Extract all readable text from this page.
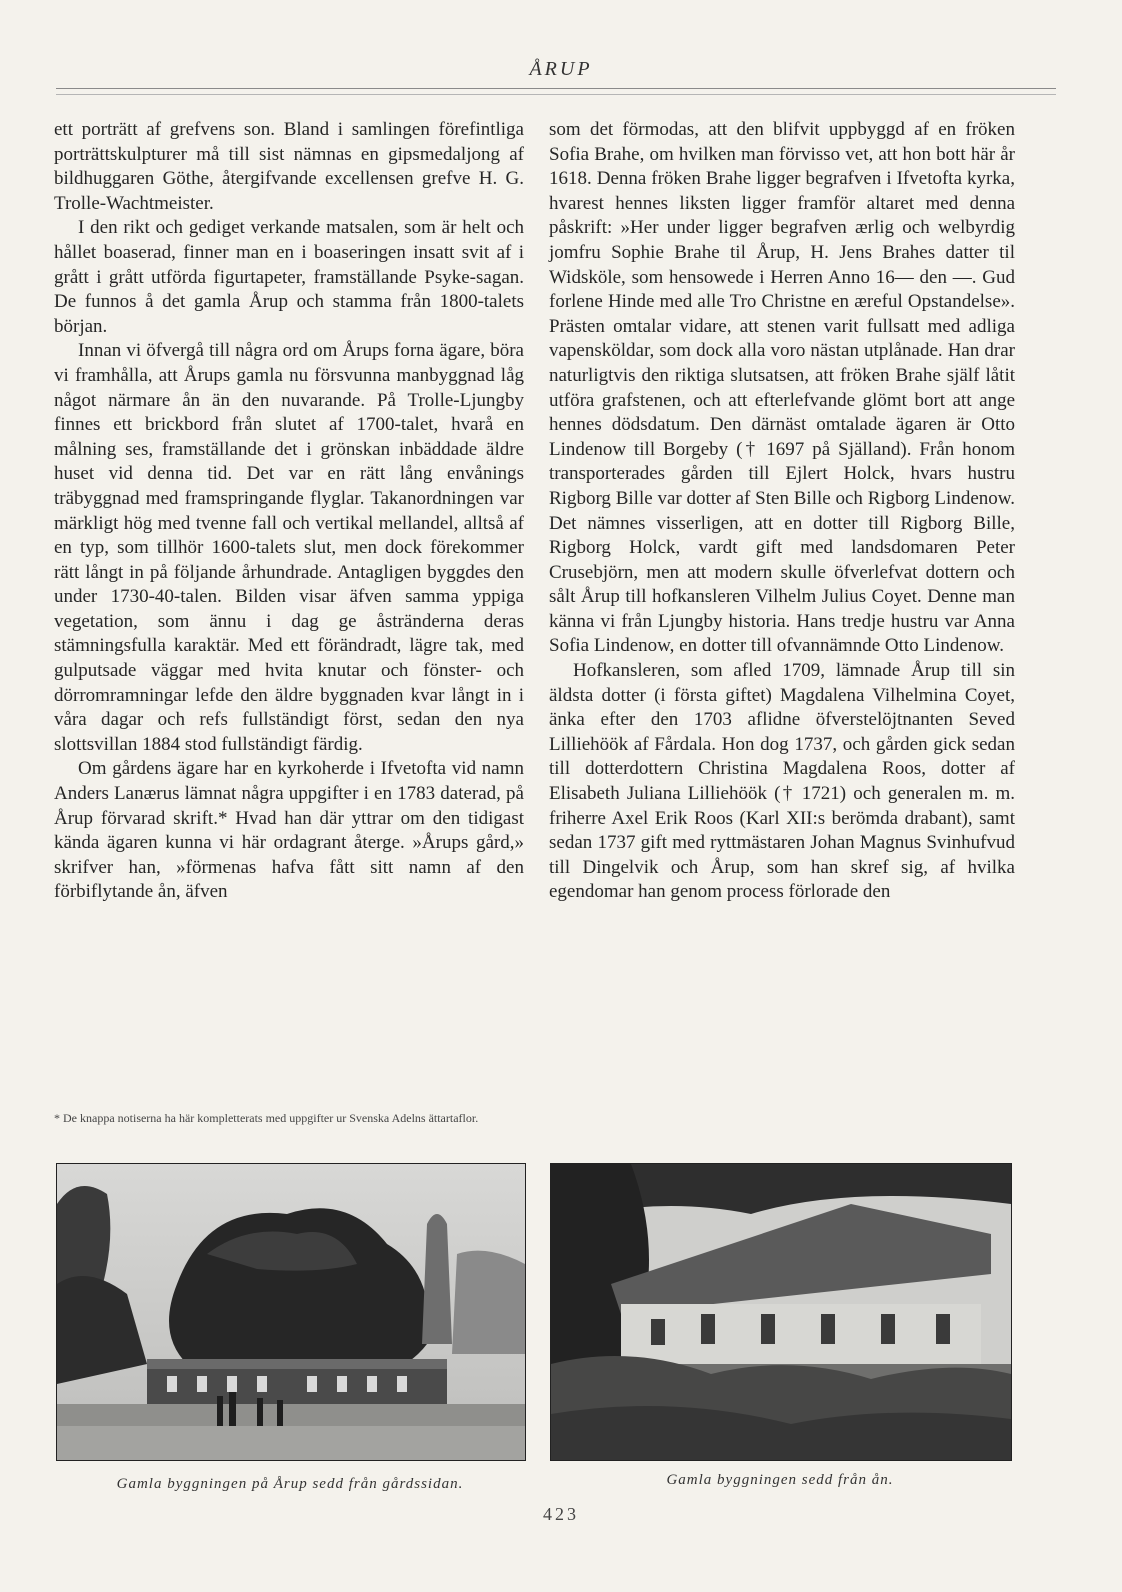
ÅRUP

ett porträtt af grefvens son. Bland i samlingen förefintliga porträttskulpturer må till sist nämnas en gipsmedaljong af bildhuggaren Göthe, återgifvande excellensen grefve H. G. Trolle-Wachtmeister.

I den rikt och gediget verkande matsalen, som är helt och hållet boaserad, finner man en i boaseringen insatt svit af i grått i grått utförda figurtapeter, framställande Psyke-sagan. De funnos å det gamla Årup och stamma från 1800-talets början.

Innan vi öfvergå till några ord om Årups forna ägare, böra vi framhålla, att Årups gamla nu försvunna manbyggnad låg något närmare ån än den nuvarande. På Trolle-Ljungby finnes ett brickbord från slutet af 1700-talet, hvarå en målning ses, framställande det i grönskan inbäddade äldre huset vid denna tid. Det var en rätt lång envånings träbyggnad med framspringande flyglar. Takanordningen var märkligt hög med tvenne fall och vertikal mellandel, alltså af en typ, som tillhör 1600-talets slut, men dock förekommer rätt långt in på följande århundrade. Antagligen byggdes den under 1730-40-talen. Bilden visar äfven samma yppiga vegetation, som ännu i dag ge åstränderna deras stämningsfulla karaktär. Med ett förändradt, lägre tak, med gulputsade väggar med hvita knutar och fönster- och dörromramningar lefde den äldre byggnaden kvar långt in i våra dagar och refs fullständigt först, sedan den nya slottsvillan 1884 stod fullständigt färdig.

Om gårdens ägare har en kyrkoherde i Ifvetofta vid namn Anders Lanærus lämnat några uppgifter i en 1783 daterad, på Årup förvarad skrift.* Hvad han där yttrar om den tidigast kända ägaren kunna vi här ordagrant återge. »Årups gård,» skrifver han, »förmenas hafva fått sitt namn af den förbiflytande ån, äfven

* De knappa notiserna ha här kompletterats med uppgifter ur Svenska Adelns ättartaflor.

som det förmodas, att den blifvit uppbyggd af en fröken Sofia Brahe, om hvilken man förvisso vet, att hon bott här år 1618. Denna fröken Brahe ligger begrafven i Ifvetofta kyrka, hvarest hennes liksten ligger framför altaret med denna påskrift: »Her under ligger begrafven ærlig och welbyrdig jomfru Sophie Brahe til Årup, H. Jens Brahes datter til Widsköle, som hensowede i Herren Anno 16— den —. Gud forlene Hinde med alle Tro Christne en æreful Opstandelse». Prästen omtalar vidare, att stenen varit fullsatt med adliga vapensköldar, som dock alla voro nästan utplånade. Han drar naturligtvis den riktiga slutsatsen, att fröken Brahe själf låtit utföra grafstenen, och att efterlefvande glömt bort att ange hennes dödsdatum. Den därnäst omtalade ägaren är Otto Lindenow till Borgeby († 1697 på Själland). Från honom transporterades gården till Ejlert Holck, hvars hustru Rigborg Bille var dotter af Sten Bille och Rigborg Lindenow. Det nämnes visserligen, att en dotter till Rigborg Bille, Rigborg Holck, vardt gift med landsdomaren Peter Crusebjörn, men att modern skulle öfverlefvat dottern och sålt Årup till hofkansleren Vilhelm Julius Coyet. Denne man känna vi från Ljungby historia. Hans tredje hustru var Anna Sofia Lindenow, en dotter till ofvannämnde Otto Lindenow.

Hofkansleren, som afled 1709, lämnade Årup till sin äldsta dotter (i första giftet) Magdalena Vilhelmina Coyet, änka efter den 1703 aflidne öfverstelöjtnanten Seved Lilliehöök af Fårdala. Hon dog 1737, och gården gick sedan till dotterdottern Christina Magdalena Roos, dotter af Elisabeth Juliana Lilliehöök († 1721) och generalen m. m. friherre Axel Erik Roos (Karl XII:s berömda drabant), samt sedan 1737 gift med ryttmästaren Johan Magnus Svinhufvud till Dingelvik och Årup, som han skref sig, af hvilka egendomar han genom process förlorade den

Gamla byggningen på Årup sedd från gårdssidan.	Gamla byggningen sedd från ån.
423
